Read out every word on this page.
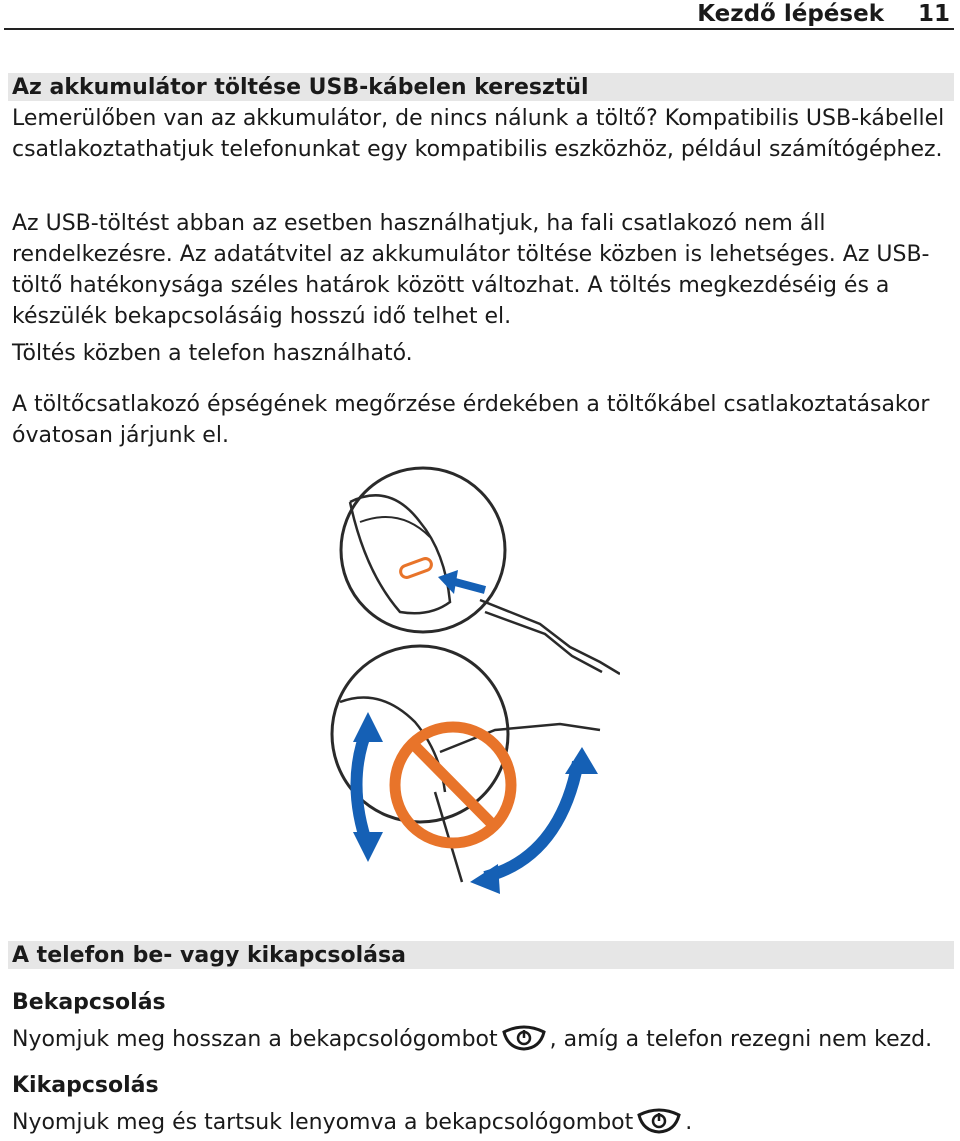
Kezdő lépések 11
Az akkumulátor töltése USB-kábelen keresztül

Lemerülőben van az akkumulátor, de nincs nálunk a töltő? Kompatibilis USB-kábellel csatlakoztathatjuk telefonunkat egy kompatibilis eszközhöz, például számítógéphez.

Az USB-töltést abban az esetben használhatjuk, ha fali csatlakozó nem áll rendelkezésre. Az adatátvitel az akkumulátor töltése közben is lehetséges. Az USB-töltő hatékonysága széles határok között változhat. A töltés megkezdéséig és a készülék bekapcsolásáig hosszú idő telhet el.

Töltés közben a telefon használható.

A töltőcsatlakozó épségének megőrzése érdekében a töltőkábel csatlakoztatásakor óvatosan járjunk el.

A telefon be- vagy kikapcsolása
Bekapcsolás
Nyomjuk meg hosszan a bekapcsológombot , amíg a telefon rezegni nem kezd.
Kikapcsolás
Nyomjuk meg és tartsuk lenyomva a bekapcsológombot .
